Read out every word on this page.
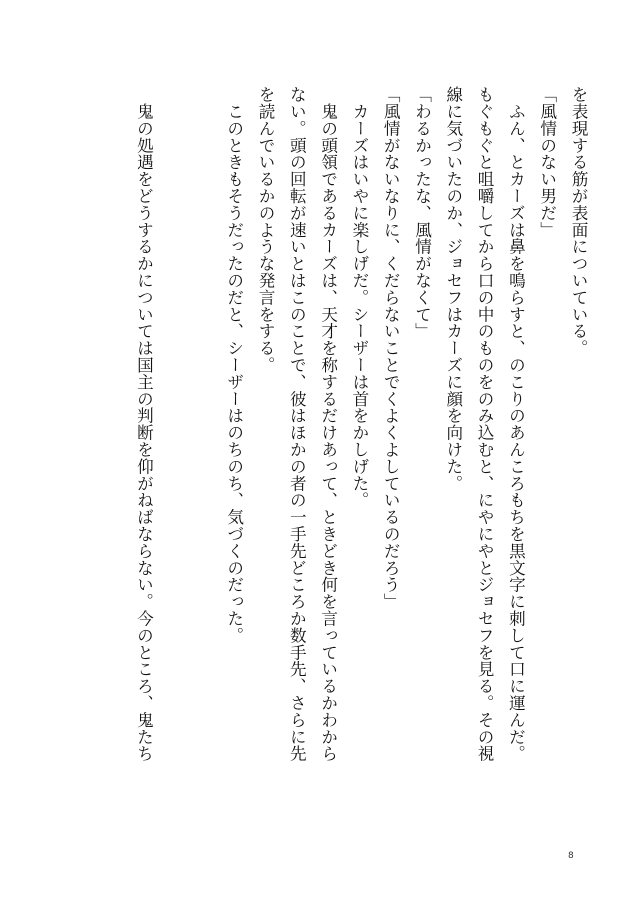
を表現する筋が表面についている。
「風情のない男だ」
　ふん、とカーズは鼻を鳴らすと、のこりのあんころもちを黒文字に刺して口に運んだ。
もぐもぐと咀嚼してから口の中のものをのみ込むと、にやにやとジョセフを見る。その視
線に気づいたのか、ジョセフはカーズに顔を向けた。
「わるかったな、風情がなくて」
「風情がないなりに、くだらないことでくよくよしているのだろう」
　カーズはいやに楽しげだ。シーザーは首をかしげた。
　鬼の頭領であるカーズは、天才を称するだけあって、ときどき何を言っているかわから
ない。頭の回転が速いとはこのことで、彼はほかの者の一手先どころか数手先、さらに先
を読んでいるかのような発言をする。
　このときもそうだったのだと、シーザーはのちのち、気づくのだった。
　鬼の処遇をどうするかについては国主の判断を仰がねばならない。今のところ、鬼たち
8
